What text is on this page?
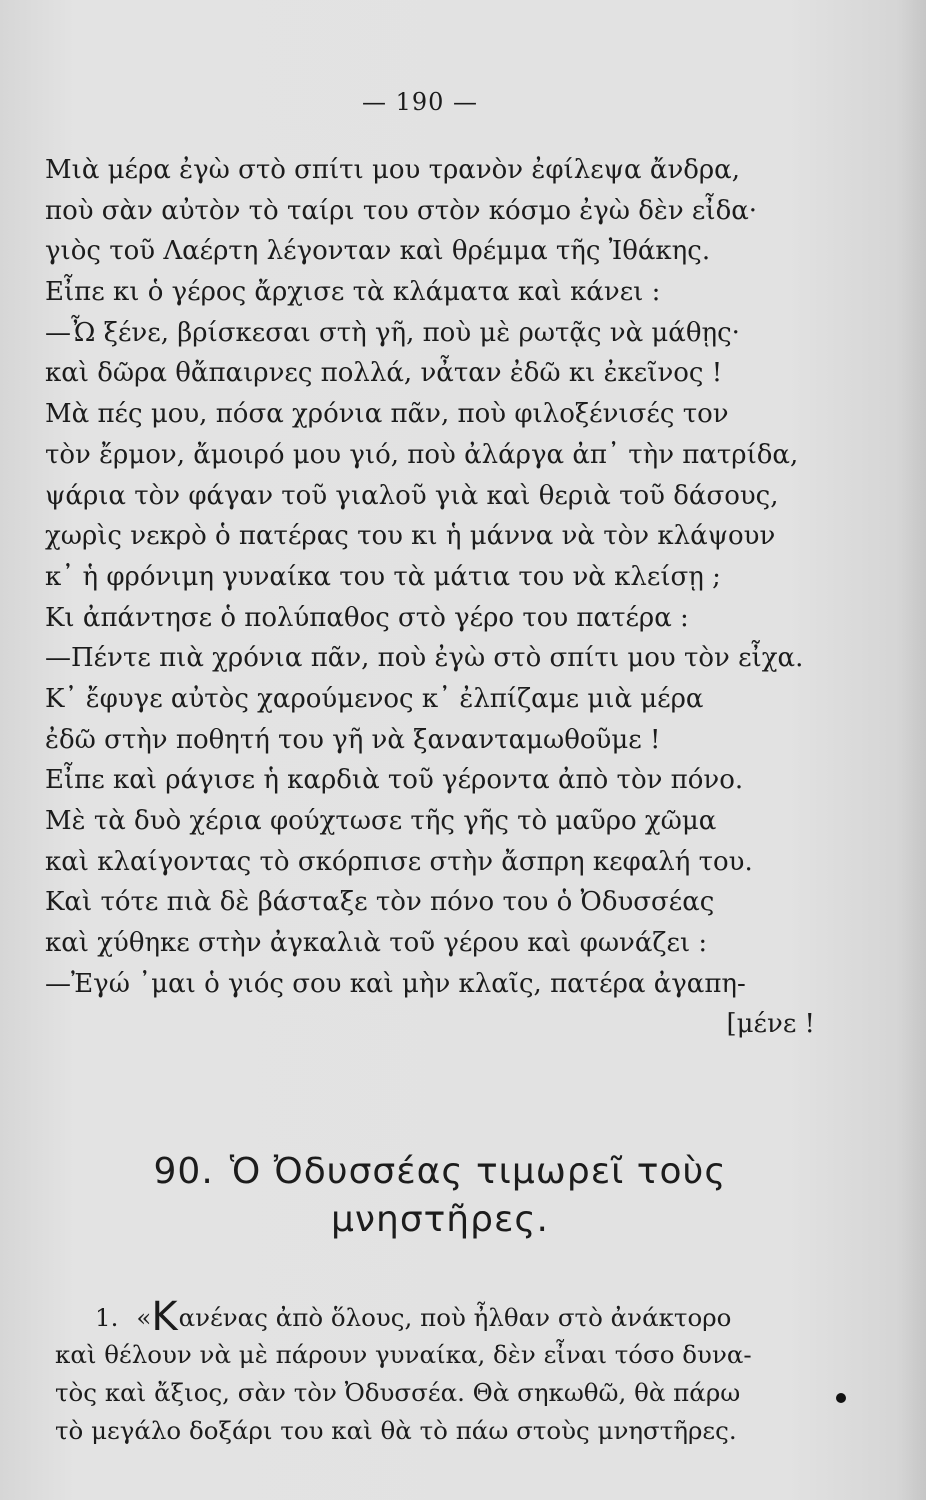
— 190 —
Μιὰ μέρα ἐγὼ στὸ σπίτι μου τρανὸν ἐφίλεψα ἄνδρα,
ποὺ σὰν αὐτὸν τὸ ταίρι του στὸν κόσμο ἐγὼ δὲν εἶδα·
γιὸς τοῦ Λαέρτη λέγονταν καὶ θρέμμα τῆς Ἰθάκης.
Εἶπε κι ὁ γέρος ἄρχισε τὰ κλάματα καὶ κάνει :
—Ὦ ξένε, βρίσκεσαι στὴ γῆ, ποὺ μὲ ρωτᾷς νὰ μάθῃς·
καὶ δῶρα θἄπαιρνες πολλά, νἆταν ἐδῶ κι ἐκεῖνος !
Μὰ πές μου, πόσα χρόνια πᾶν, ποὺ φιλοξένισές τον
τὸν ἔρμον, ἄμοιρό μου γιό, ποὺ ἀλάργα ἀπ᾽ τὴν πατρίδα,
ψάρια τὸν φάγαν τοῦ γιαλοῦ γιὰ καὶ θεριὰ τοῦ δάσους,
χωρὶς νεκρὸ ὁ πατέρας του κι ἡ μάννα νὰ τὸν κλάψουν
κ᾽ ἡ φρόνιμη γυναίκα του τὰ μάτια του νὰ κλείσῃ ;
Κι ἀπάντησε ὁ πολύπαθος στὸ γέρο του πατέρα :
—Πέντε πιὰ χρόνια πᾶν, ποὺ ἐγὼ στὸ σπίτι μου τὸν εἶχα.
Κ᾽ ἔφυγε αὐτὸς χαρούμενος κ᾽ ἐλπίζαμε μιὰ μέρα
ἐδῶ στὴν ποθητή του γῆ νὰ ξανανταμωθοῦμε !
Εἶπε καὶ ράγισε ἡ καρδιὰ τοῦ γέροντα ἀπὸ τὸν πόνο.
Μὲ τὰ δυὸ χέρια φούχτωσε τῆς γῆς τὸ μαῦρο χῶμα
καὶ κλαίγοντας τὸ σκόρπισε στὴν ἄσπρη κεφαλή του.
Καὶ τότε πιὰ δὲ βάσταξε τὸν πόνο του ὁ Ὀδυσσέας
καὶ χύθηκε στὴν ἀγκαλιὰ τοῦ γέρου καὶ φωνάζει :
—Ἐγώ ᾽μαι ὁ γιός σου καὶ μὴν κλαῖς, πατέρα ἀγαπη-
[μένε !
90. Ὁ Ὀδυσσέας τιμωρεῖ τοὺς
μνηστῆρες.
1. «Κανένας ἀπὸ ὅλους, ποὺ ἦλθαν στὸ ἀνάκτορο
καὶ θέλουν νὰ μὲ πάρουν γυναίκα, δὲν εἶναι τόσο δυνα-
τὸς καὶ ἄξιος, σὰν τὸν Ὀδυσσέα. Θὰ σηκωθῶ, θὰ πάρω
τὸ μεγάλο δοξάρι του καὶ θὰ τὸ πάω στοὺς μνηστῆρες.
